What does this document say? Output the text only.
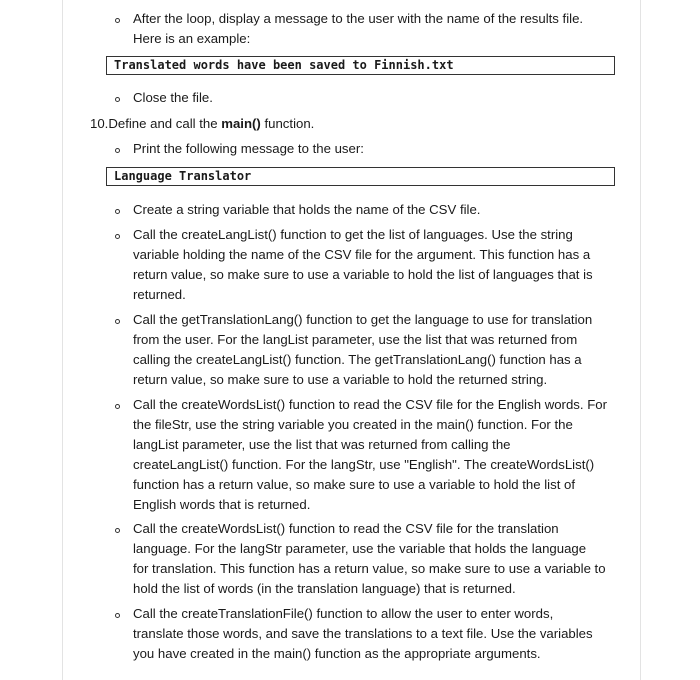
After the loop, display a message to the user with the name of the results file.
Here is an example:
Translated words have been saved to Finnish.txt
Close the file.
10.Define and call the main() function.
Print the following message to the user:
Language Translator
Create a string variable that holds the name of the CSV file.
Call the createLangList() function to get the list of languages. Use the string
variable holding the name of the CSV file for the argument. This function has a
return value, so make sure to use a variable to hold the list of languages that is
returned.
Call the getTranslationLang() function to get the language to use for translation
from the user. For the langList parameter, use the list that was returned from
calling the createLangList() function. The getTranslationLang() function has a
return value, so make sure to use a variable to hold the returned string.
Call the createWordsList() function to read the CSV file for the English words. For
the fileStr, use the string variable you created in the main() function. For the
langList parameter, use the list that was returned from calling the
createLangList() function. For the langStr, use "English". The createWordsList()
function has a return value, so make sure to use a variable to hold the list of
English words that is returned.
Call the createWordsList() function to read the CSV file for the translation
language. For the langStr parameter, use the variable that holds the language
for translation. This function has a return value, so make sure to use a variable to
hold the list of words (in the translation language) that is returned.
Call the createTranslationFile() function to allow the user to enter words,
translate those words, and save the translations to a text file. Use the variables
you have created in the main() function as the appropriate arguments.
